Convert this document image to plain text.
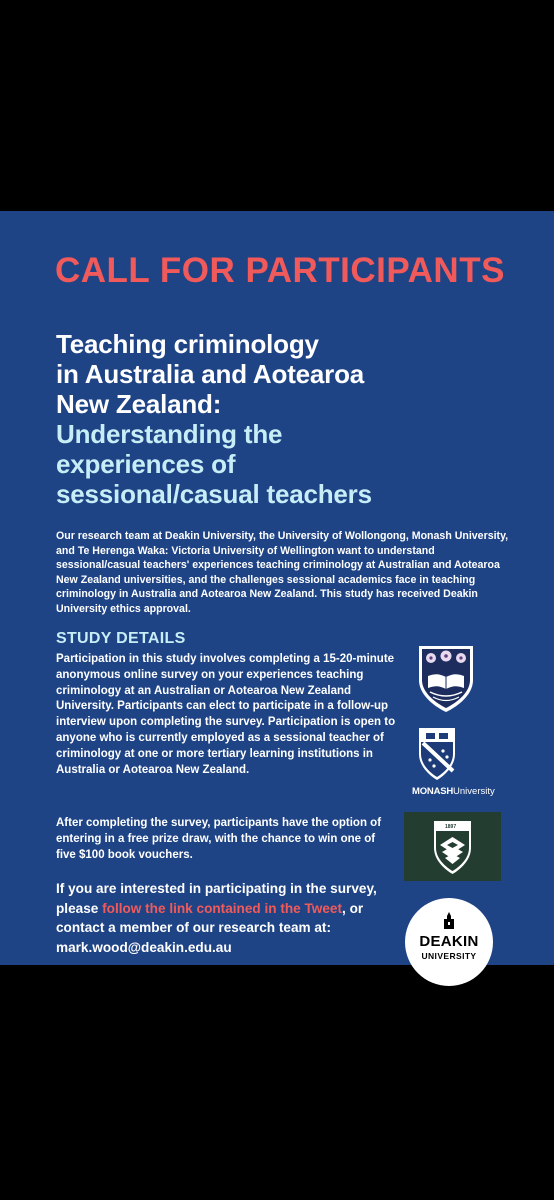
CALL FOR PARTICIPANTS
Teaching criminology
in Australia and Aotearoa
New Zealand:
Understanding the
experiences of
sessional/casual teachers
Our research team at Deakin University, the University of Wollongong, Monash University, and Te Herenga Waka: Victoria University of Wellington want to understand sessional/casual teachers' experiences teaching criminology at Australian and Aotearoa New Zealand universities, and the challenges sessional academics face in teaching criminology in Australia and Aotearoa New Zealand. This study has received Deakin University ethics approval.
STUDY DETAILS
Participation in this study involves completing a 15-20-minute anonymous online survey on your experiences teaching criminology at an Australian or Aotearoa New Zealand University. Participants can elect to participate in a follow-up interview upon completing the survey. Participation is open to anyone who is currently employed as a sessional teacher of criminology at one or more tertiary learning institutions in Australia or Aotearoa New Zealand.
After completing the survey, participants have the option of entering in a free prize draw, with the chance to win one of five $100 book vouchers.
If you are interested in participating in the survey, please follow the link contained in the Tweet, or contact a member of our research team at: mark.wood@deakin.edu.au
MONASHUniversity
1897
DEAKIN
UNIVERSITY
